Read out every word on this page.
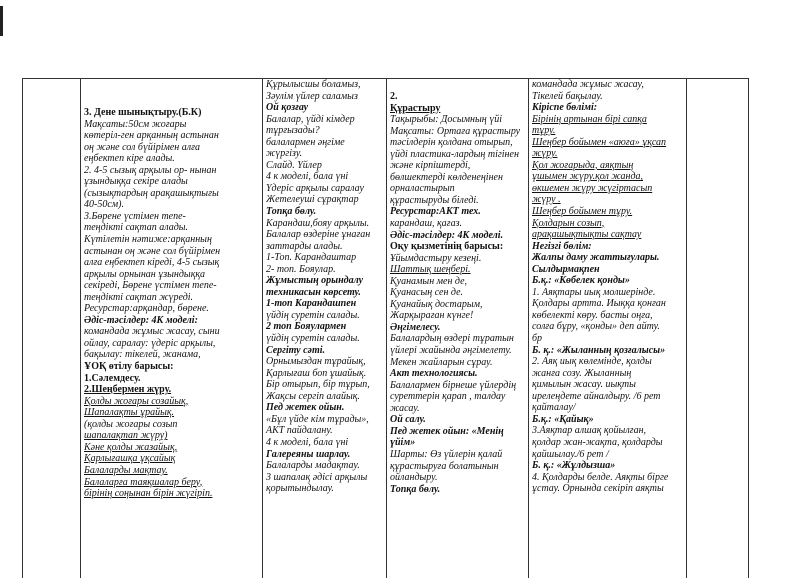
3. Дене шынықтыру.(Б.К)
Мақсаты:50см жоғары
көтеріл-ген арқанның астынан
оң және сол бүйірімен алға
еңбектеп кіре алады.
2. 4-5 сызық арқылы ор- нынан
ұзындыққа секіре алады
(сызықтардың арақашықтығы
40-50см).
3.Бөрене үстімен тепе-
теңдікті сақтап алады.
Күтілетін нәтиже:арқанның
астынан оң және сол бүйірімен
алға еңбектеп кіреді, 4-5 сызық
арқылы орнынан ұзындыққа
секіреді, Бөрене үстімен тепе-
теңдікті сақтап жүреді.
Ресурстар:арқандар, бөрене.
Әдіс-тәсілдер: 4К моделі:
командада жұмыс жасау, сыни
ойлау, саралау: үдеріс арқылы,
бақылау: тікелей, жанама,
ҰОҚ өтілу барысы:
1.Сәлемдесу.
2.Шеңбермен жүру.
Қолды жоғары созайық,
Шапалақты ұрайық.
(қолды жоғары созып
шапалақтап жүру)
Кәне қолды жазайық,
Қарлығашқа ұқсайық
Балаларды мақтау.
Балаларға таяқшалар беру,
бірінің соңынан бірін жүгіріп.
Құрылысшы боламыз,
Зәулім үйлер саламыз
Ой қозғау
Балалар, үйді кімдер
тұрғызады?
балалармен әңгіме
жүргізу.
Слайд. Үйлер
4 к моделі, бала үні
Үдеріс арқылы саралау
Жетелеуші сұрақтар
Топқа бөлу.
Карандаш,бояу арқылы.
Балалар өздеріне ұнаған
заттарды алады.
1-Топ. Карандаштар
2- топ. Бояулар.
Жұмыстың орындалу
техникасын көрсету.
1-топ Карандашпен
үйдің суретін салады.
2 топ Бояулармен
үйдің суретін салады.
Сергіту сәті.
Орнымыздан тұрайық,
Қарлығаш боп ұшайық.
Бір отырып, бір тұрып,
Жақсы сергіп алайық.
Пед жетек ойын.
«Бұл үйде кім тұрады»,
АКТ пайдалану.
4 к моделі, бала үні
Галереяны шарлау.
Балаларды мадақтау.
3 шапалақ әдісі арқылы
қорытындылау.
2.
Құрастыру
Тақырыбы: Досымның үйі
Мақсаты: Ортаға құрастыру
тәсілдерін қолдана отырып,
үйді пластика-лардың тігінен
және кірпіштерді,
бөлшектерді көлденеңінен
орналастырып
құрастыруды біледі.
Ресурстар:АКТ тех.
карандаш, қағаз.
Әдіс-тәсілдер: 4К моделі.
Оқу қызметінің барысы:
Ұйымдастыру кезеңі.
Шаттық шеңбері.
Қуанамын мен де,
Қуанасың сен де.
Қуанайық достарым,
Жарқыраған күнге!
Әңгімелесу.
Балалардың өздері тұратын
үйлері жайында әңгімелету.
Мекен жайларын сұрау.
Акт технологиясы.
Балалармен бірнеше үйлердің
суреттерін қарап , талдау
жасау.
Ой салу.
Пед жетек ойын: «Менің
үйім»
Шарты: Өз үйлерін қалай
құрастыруға болатынын
ойландыру.
Топқа бөлу.
командада жұмыс жасау,
Тікелей бақылау.
Кіріспе бөлімі:
Бірінің артынан бірі сапқа
тұру.
Шеңбер бойымен «аюға» ұқсап
жүру.
Қол жоғарыда, аяқтың
ұшымен жүру.қол жанда,
өкшемен жүру жүгіртасып
жүру .
Шеңбер бойымен тұру.
Қолдарын созып,
арақашықтықты сақтау
Негізгі бөлім:
Жалпы даму жаттығулары.
Сылдырмақпен
Б.қ.: «Көбелек қонды»
1. Аяқтары иық молшерінде.
Қолдары артта. Иыққа қонған
көбелекті көру. басты оңға,
солға бұру, «қонды» деп айту.
бр
Б. қ.: «Жыланның қозғалысы»
2. Аяқ иық көлемінде, қолды
жанға созу. Жыланның
қимылын жасау. иықты
ирелеңдете айналдыру. /6 рет
қайталау/
Б.қ.: «Қайық»
3.Аяқтар алшақ қойылған,
қолдар жан-жақта, қолдарды
қайшылау./6 рет /
Б. қ.: «Жұлдызша»
4. Қолдарды белде. Аяқты бірге
ұстау. Орнында секіріп аяқты
